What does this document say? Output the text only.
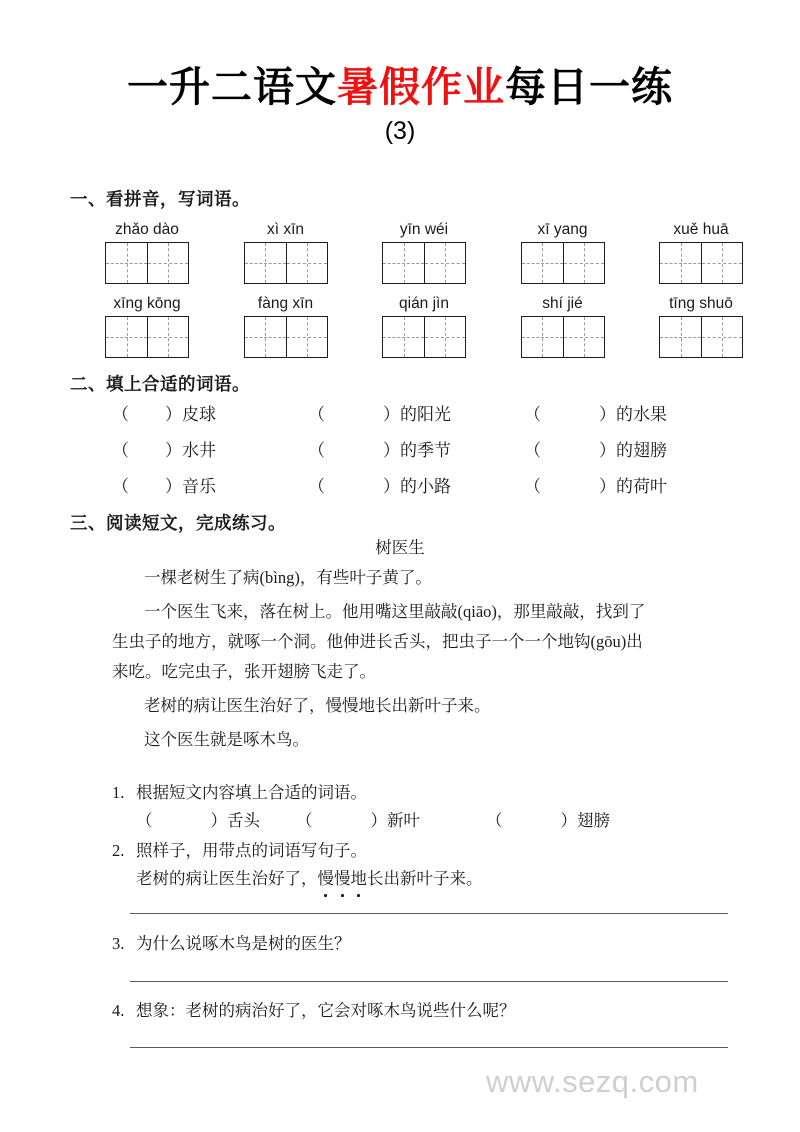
一升二语文暑假作业每日一练
(3)
一、看拼音，写词语。
zhǎo dào	xì xīn	yīn wéi	xī yang	xuě huā
xīng kōng	fàng xīn	qián jìn	shí jié	tīng shuō
二、填上合适的词语。
（ ）皮球	（	）的阳光	（	）的水果
（ ）水井	（	）的季节	（	）的翅膀
（ ）音乐	（	）的小路	（	）的荷叶
三、阅读短文，完成练习。
树医生
一棵老树生了病(bìng)，有些叶子黄了。
一个医生飞来，落在树上。他用嘴这里敲敲(qiāo)，那里敲敲，找到了
生虫子的地方，就啄一个洞。他伸进长舌头，把虫子一个一个地钩(gōu)出
来吃。吃完虫子，张开翅膀飞走了。
老树的病让医生治好了，慢慢地长出新叶子来。
这个医生就是啄木鸟。
1. 根据短文内容填上合适的词语。
（	）舌头 （	）新叶	（	）翅膀
2. 照样子，用带点的词语写句子。
老树的病让医生治好了，慢慢地
长出新叶子来。
3. 为什么说啄木鸟是树的医生？
4. 想象：老树的病治好了，它会对啄木鸟说些什么呢？
www.sezq.com
